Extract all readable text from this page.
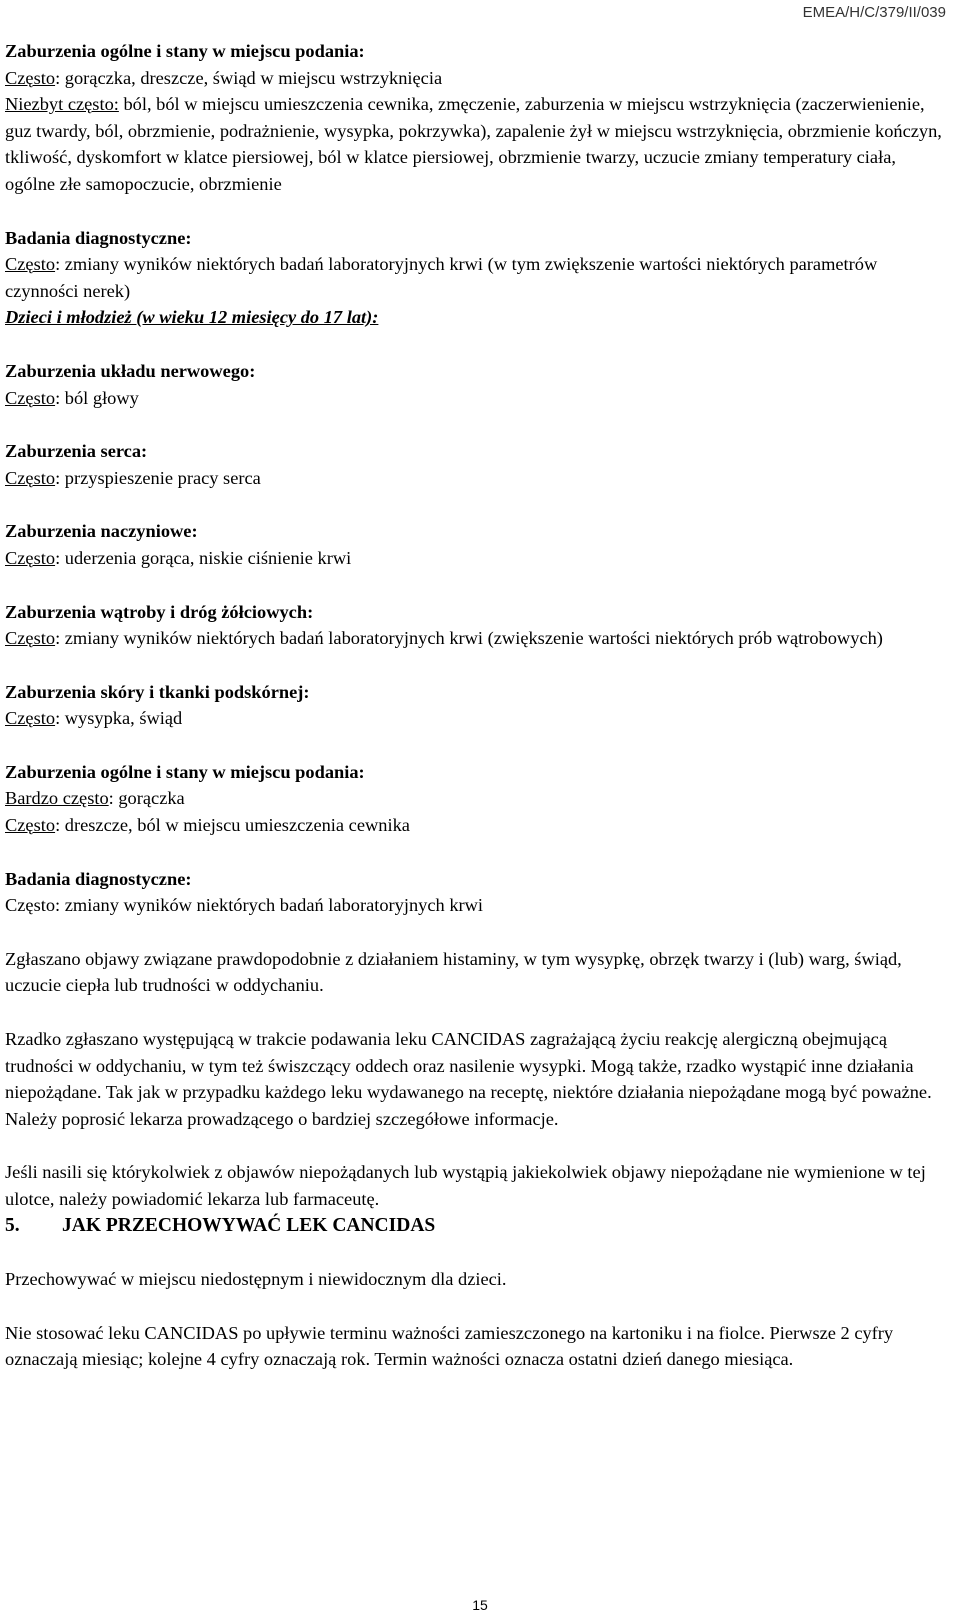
EMEA/H/C/379/II/039
Zaburzenia ogólne i stany w miejscu podania:

Często: gorączka, dreszcze, świąd w miejscu wstrzyknięcia

Niezbyt często: ból, ból w miejscu umieszczenia cewnika, zmęczenie, zaburzenia w miejscu wstrzyknięcia (zaczerwienienie, guz twardy, ból, obrzmienie, podrażnienie, wysypka, pokrzywka), zapalenie żył w miejscu wstrzyknięcia, obrzmienie kończyn, tkliwość, dyskomfort w klatce piersiowej, ból w klatce piersiowej, obrzmienie twarzy, uczucie zmiany temperatury ciała, ogólne złe samopoczucie, obrzmienie

Badania diagnostyczne:

Często: zmiany wyników niektórych badań laboratoryjnych krwi (w tym zwiększenie wartości niektórych parametrów czynności nerek)

Dzieci i młodzież (w wieku 12 miesięcy do 17 lat):

Zaburzenia układu nerwowego:

Często: ból głowy

Zaburzenia serca:

Często: przyspieszenie pracy serca

Zaburzenia naczyniowe:

Często: uderzenia gorąca, niskie ciśnienie krwi

Zaburzenia wątroby i dróg żółciowych:

Często: zmiany wyników niektórych badań laboratoryjnych krwi (zwiększenie wartości niektórych prób wątrobowych)

Zaburzenia skóry i tkanki podskórnej:

Często: wysypka, świąd

Zaburzenia ogólne i stany w miejscu podania:

Bardzo często: gorączka

Często: dreszcze, ból w miejscu umieszczenia cewnika

Badania diagnostyczne:

Często: zmiany wyników niektórych badań laboratoryjnych krwi

Zgłaszano objawy związane prawdopodobnie z działaniem histaminy, w tym wysypkę, obrzęk twarzy i (lub) warg, świąd, uczucie ciepła lub trudności w oddychaniu.

Rzadko zgłaszano występującą w trakcie podawania leku CANCIDAS zagrażającą życiu reakcję alergiczną obejmującą trudności w oddychaniu, w tym też świszczący oddech oraz nasilenie wysypki. Mogą także, rzadko wystąpić inne działania niepożądane. Tak jak w przypadku każdego leku wydawanego na receptę, niektóre działania niepożądane mogą być poważne. Należy poprosić lekarza prowadzącego o bardziej szczegółowe informacje.

Jeśli nasili się którykolwiek z objawów niepożądanych lub wystąpią jakiekolwiek objawy niepożądane nie wymienione w tej ulotce, należy powiadomić lekarza lub farmaceutę.

5. JAK PRZECHOWYWAĆ LEK CANCIDAS

Przechowywać w miejscu niedostępnym i niewidocznym dla dzieci.

Nie stosować leku CANCIDAS po upływie terminu ważności zamieszczonego na kartoniku i na fiolce. Pierwsze 2 cyfry oznaczają miesiąc; kolejne 4 cyfry oznaczają rok. Termin ważności oznacza ostatni dzień danego miesiąca.

15
